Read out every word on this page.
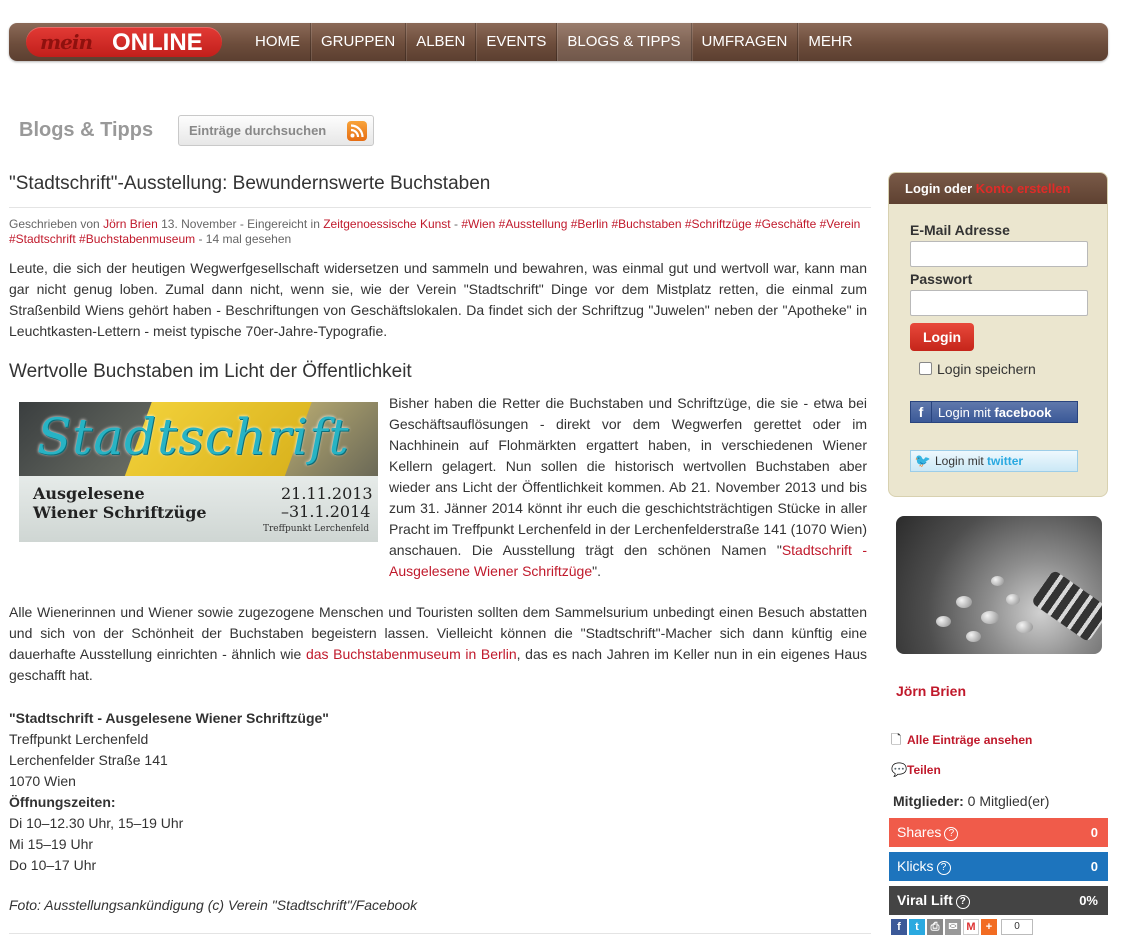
mein ONLINE	HOME	GRUPPEN	ALBEN	EVENTS	BLOGS & TIPPS	UMFRAGEN	MEHR
Blogs & Tipps	Einträge durchsuchen
"Stadtschrift"-Ausstellung: Bewundernswerte Buchstaben
Geschrieben von Jörn Brien 13. November - Eingereicht in Zeitgenoessische Kunst - #Wien #Ausstellung #Berlin #Buchstaben #Schriftzüge #Geschäfte #Verein #Stadtschrift #Buchstabenmuseum - 14 mal gesehen
Leute, die sich der heutigen Wegwerfgesellschaft widersetzen und sammeln und bewahren, was einmal gut und wertvoll war, kann man gar nicht genug loben. Zumal dann nicht, wenn sie, wie der Verein "Stadtschrift" Dinge vor dem Mistplatz retten, die einmal zum Straßenbild Wiens gehört haben - Beschriftungen von Geschäftslokalen. Da findet sich der Schriftzug "Juwelen" neben der "Apotheke" in Leuchtkasten-Lettern - meist typische 70er-Jahre-Typografie.
Wertvolle Buchstaben im Licht der Öffentlichkeit
Stadtschrift
Ausgelesene
Wiener Schriftzüge
21.11.2013
–31.1.2014
Treffpunkt Lerchenfeld
Bisher haben die Retter die Buchstaben und Schriftzüge, die sie - etwa bei Geschäftsauflösungen - direkt vor dem Wegwerfen gerettet oder im Nachhinein auf Flohmärkten ergattert haben, in verschiedenen Wiener Kellern gelagert. Nun sollen die historisch wertvollen Buchstaben aber wieder ans Licht der Öffentlichkeit kommen. Ab 21. November 2013 und bis zum 31. Jänner 2014 könnt ihr euch die geschichtsträchtigen Stücke in aller Pracht im Treffpunkt Lerchenfeld in der Lerchenfelderstraße 141 (1070 Wien) anschauen. Die Ausstellung trägt den schönen Namen "Stadtschrift - Ausgelesene Wiener Schriftzüge".
Alle Wienerinnen und Wiener sowie zugezogene Menschen und Touristen sollten dem Sammelsurium unbedingt einen Besuch abstatten und sich von der Schönheit der Buchstaben begeistern lassen. Vielleicht können die "Stadtschrift"-Macher sich dann künftig eine dauerhafte Ausstellung einrichten - ähnlich wie das Buchstabenmuseum in Berlin, das es nach Jahren im Keller nun in ein eigenes Haus geschafft hat.
"Stadtschrift - Ausgelesene Wiener Schriftzüge"
Treffpunkt Lerchenfeld
Lerchenfelder Straße 141
1070 Wien
Öffnungszeiten:
Di 10–12.30 Uhr, 15–19 Uhr
Mi 15–19 Uhr
Do 10–17 Uhr
Foto: Ausstellungsankündigung (c) Verein "Stadtschrift"/Facebook
Login oder Konto erstellen
E-Mail Adresse
Passwort
Login
Login speichern
f Login mit facebook
🐦 Login mit twitter
Jörn Brien
🗋 Alle Einträge ansehen
💬Teilen
Mitglieder: 0 Mitglied(er)
Shares ?	0
Klicks ?	0
Viral Lift ?	0%
f	t	⎙ ✉ M +	0
